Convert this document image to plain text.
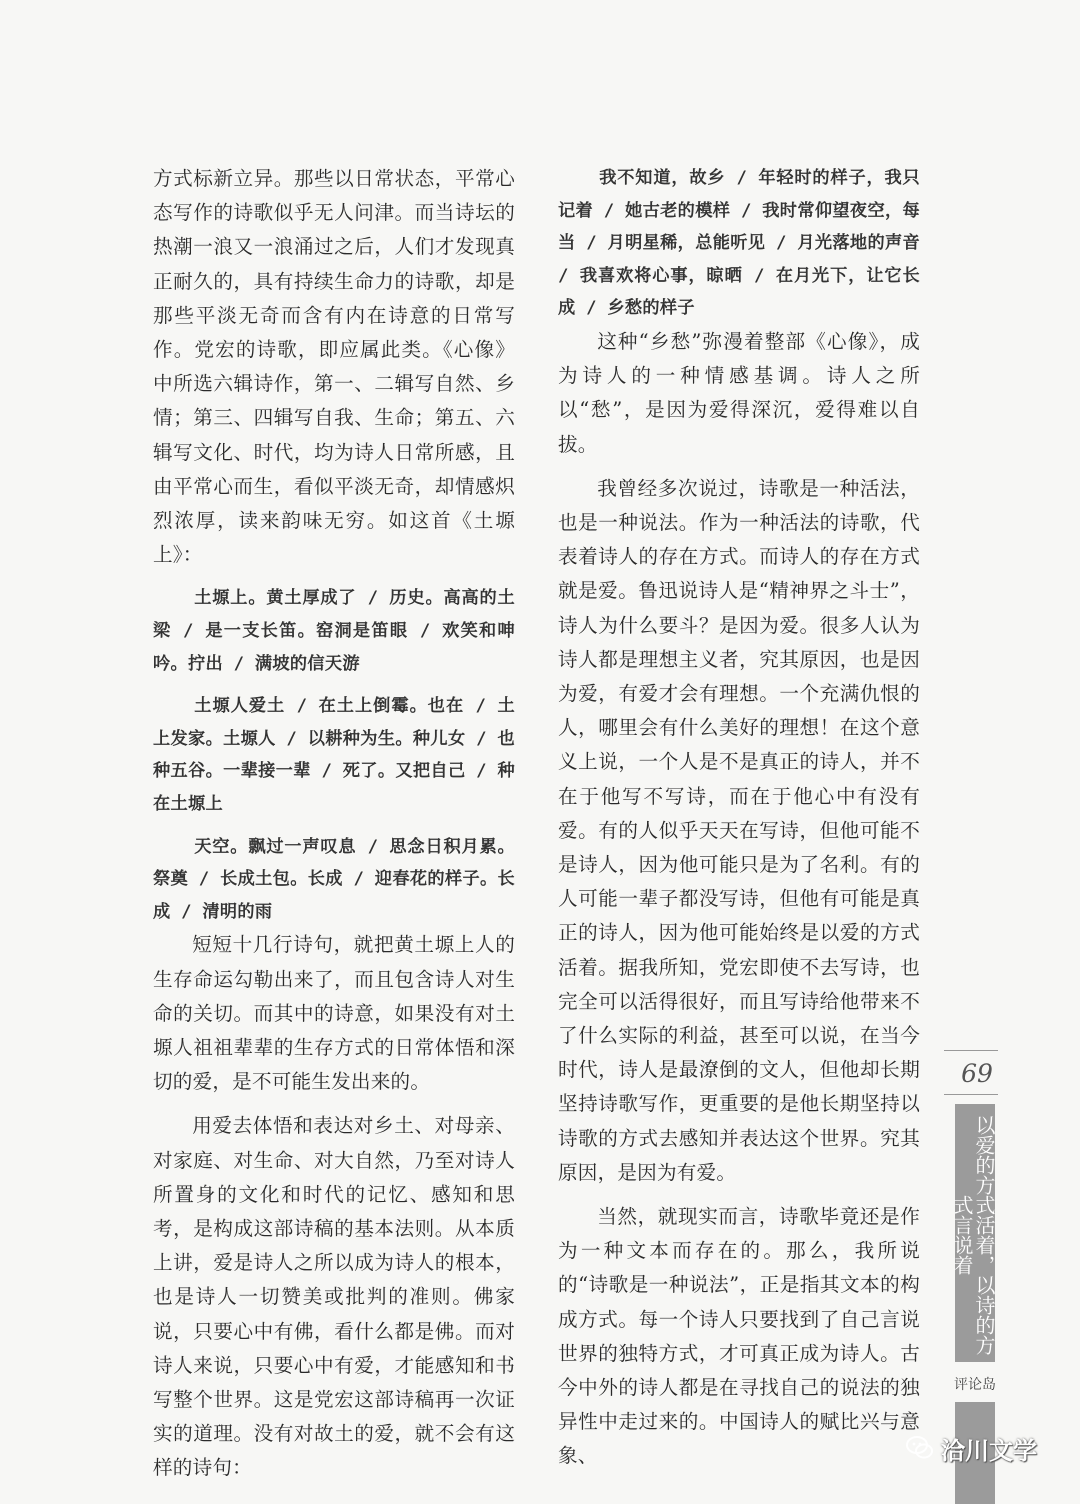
方式标新立异。那些以日常状态，平常心态写作的诗歌似乎无人问津。而当诗坛的热潮一浪又一浪涌过之后，人们才发现真正耐久的，具有持续生命力的诗歌，却是那些平淡无奇而含有内在诗意的日常写作。党宏的诗歌，即应属此类。《心像》中所选六辑诗作，第一、二辑写自然、乡情；第三、四辑写自我、生命；第五、六辑写文化、时代，均为诗人日常所感，且由平常心而生，看似平淡无奇，却情感炽烈浓厚，读来韵味无穷。如这首《土塬上》：

土塬上。黄土厚成了 / 历史。高高的土梁 / 是一支长笛。窑洞是笛眼 / 欢笑和呻吟。拧出 / 满坡的信天游

土塬人爱土 / 在土上倒霉。也在 / 土上发家。土塬人 / 以耕种为生。种儿女 / 也种五谷。一辈接一辈 / 死了。又把自己 / 种在土塬上

天空。飘过一声叹息 / 思念日积月累。祭奠 / 长成土包。长成 / 迎春花的样子。长成 / 清明的雨

短短十几行诗句，就把黄土塬上人的生存命运勾勒出来了，而且包含诗人对生命的关切。而其中的诗意，如果没有对土塬人祖祖辈辈的生存方式的日常体悟和深切的爱，是不可能生发出来的。

用爱去体悟和表达对乡土、对母亲、对家庭、对生命、对大自然，乃至对诗人所置身的文化和时代的记忆、感知和思考，是构成这部诗稿的基本法则。从本质上讲，爱是诗人之所以成为诗人的根本，也是诗人一切赞美或批判的准则。佛家说，只要心中有佛，看什么都是佛。而对诗人来说，只要心中有爱，才能感知和书写整个世界。这是党宏这部诗稿再一次证实的道理。没有对故土的爱，就不会有这样的诗句：

我不知道，故乡 / 年轻时的样子，我只记着 / 她古老的模样 / 我时常仰望夜空，每当 / 月明星稀，总能听见 / 月光落地的声音 / 我喜欢将心事，晾晒 / 在月光下，让它长成 / 乡愁的样子

这种“乡愁”弥漫着整部《心像》，成为诗人的一种情感基调。诗人之所以“愁”，是因为爱得深沉，爱得难以自拔。

我曾经多次说过，诗歌是一种活法，也是一种说法。作为一种活法的诗歌，代表着诗人的存在方式。而诗人的存在方式就是爱。鲁迅说诗人是“精神界之斗士”，诗人为什么要斗？是因为爱。很多人认为诗人都是理想主义者，究其原因，也是因为爱，有爱才会有理想。一个充满仇恨的人，哪里会有什么美好的理想！在这个意义上说，一个人是不是真正的诗人，并不在于他写不写诗，而在于他心中有没有爱。有的人似乎天天在写诗，但他可能不是诗人，因为他可能只是为了名利。有的人可能一辈子都没写诗，但他有可能是真正的诗人，因为他可能始终是以爱的方式活着。据我所知，党宏即使不去写诗，也完全可以活得很好，而且写诗给他带来不了什么实际的利益，甚至可以说，在当今时代，诗人是最潦倒的文人，但他却长期坚持诗歌写作，更重要的是他长期坚持以诗歌的方式去感知并表达这个世界。究其原因，是因为有爱。

当然，就现实而言，诗歌毕竟还是作为一种文本而存在的。那么，我所说的“诗歌是一种说法”，正是指其文本的构成方式。每一个诗人只要找到了自己言说世界的独特方式，才可真正成为诗人。古今中外的诗人都是在寻找自己的说法的独异性中走过来的。中国诗人的赋比兴与意象、

69
以爱的方式活着，以诗的方式言说着
评论岛
洽川文学
